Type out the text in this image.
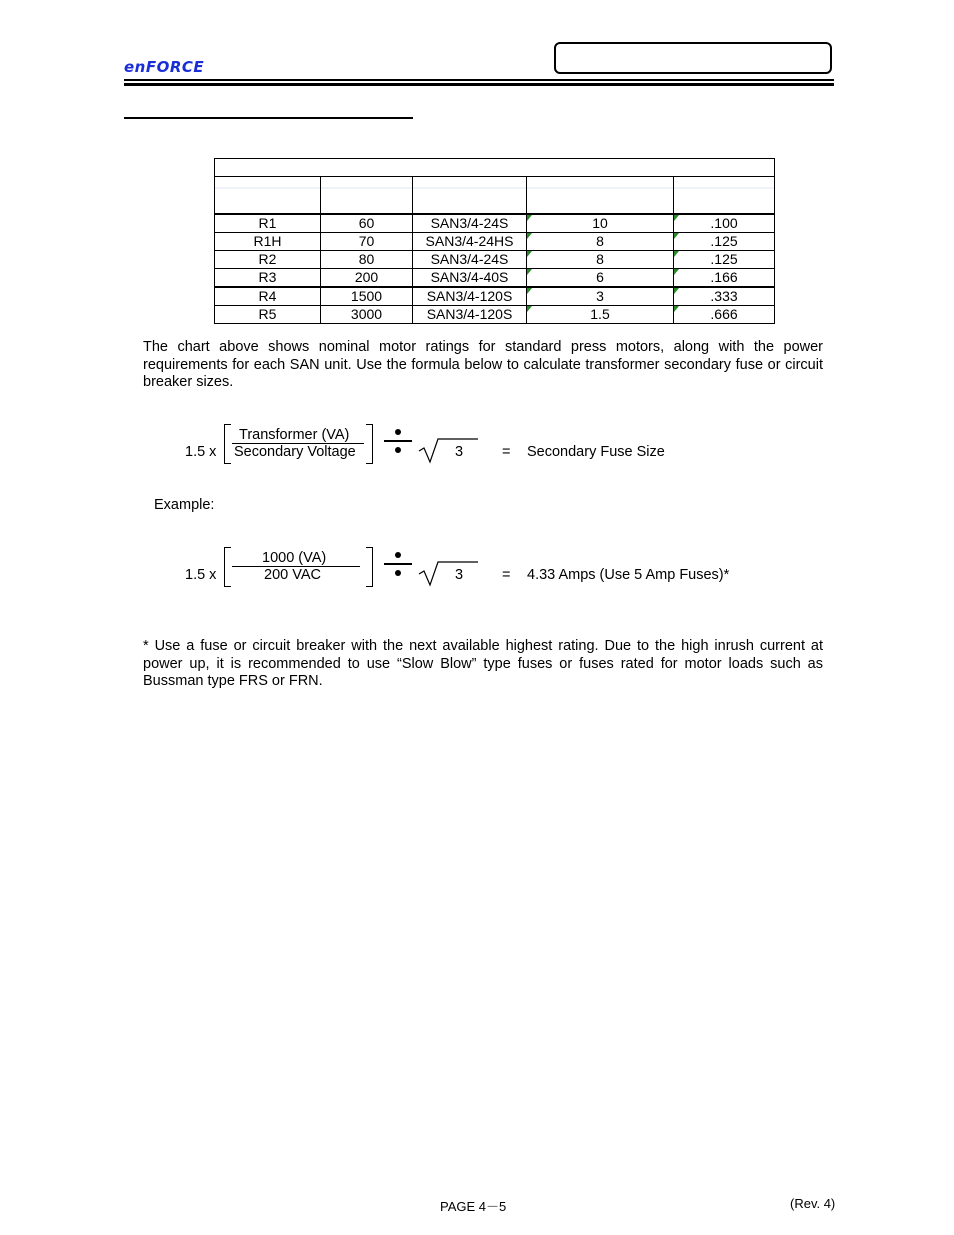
enFORCE

R1	60	SAN3/4-24S	10	.100
R1H	70	SAN3/4-24HS	8	.125
R2	80	SAN3/4-24S	8	.125
R3	200	SAN3/4-40S	6	.166
R4	1500	SAN3/4-120S	3	.333
R5	3000	SAN3/4-120S	1.5	.666
The chart above shows nominal motor ratings for standard press motors, along with the power requirements for each SAN unit. Use the formula below to calculate transformer secondary fuse or circuit breaker sizes.
1.5 x
Transformer (VA)
Secondary Voltage	3	= Secondary Fuse Size
Example:
1.5 x
1000 (VA)
200 VAC	3	= 4.33 Amps (Use 5 Amp Fuses)*
* Use a fuse or circuit breaker with the next available highest rating. Due to the high inrush current at power up, it is recommended to use “Slow Blow” type fuses or fuses rated for motor loads such as Bussman type FRS or FRN.
PAGE 4－5	(Rev. 4)
